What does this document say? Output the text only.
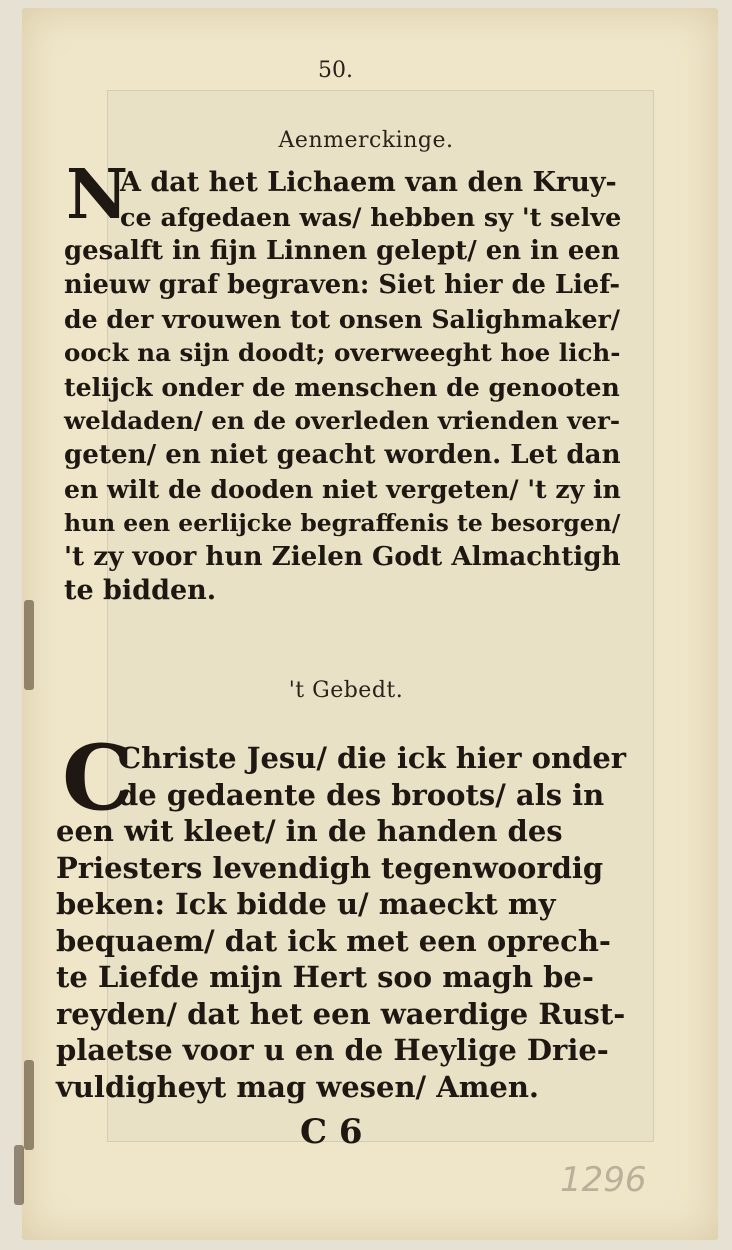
50.
Aenmerckinge.
N
A dat het Lichaem van den Kruy-
ce afgedaen was/ hebben sy 't selve
gesalft in fijn Linnen gelept/ en in een
nieuw graf begraven: Siet hier de Lief-
de der vrouwen tot onsen Salighmaker/
oock na sijn doodt; overweeght hoe lich-
telijck onder de menschen de genooten
weldaden/ en de overleden vrienden ver-
geten/ en niet geacht worden. Let dan
en wilt de dooden niet vergeten/ 't zy in
hun een eerlijcke begraffenis te besorgen/
't zy voor hun Zielen Godt Almachtigh
te bidden.
't Gebedt.
C
Christe Jesu/ die ick hier onder
de gedaente des broots/ als in
een wit kleet/ in de handen des
Priesters levendigh tegenwoordig
beken: Ick bidde u/ maeckt my
bequaem/ dat ick met een oprech-
te Liefde mijn Hert soo magh be-
reyden/ dat het een waerdige Rust-
plaetse voor u en de Heylige Drie-
vuldigheyt mag wesen/ Amen.
C 6
1296
